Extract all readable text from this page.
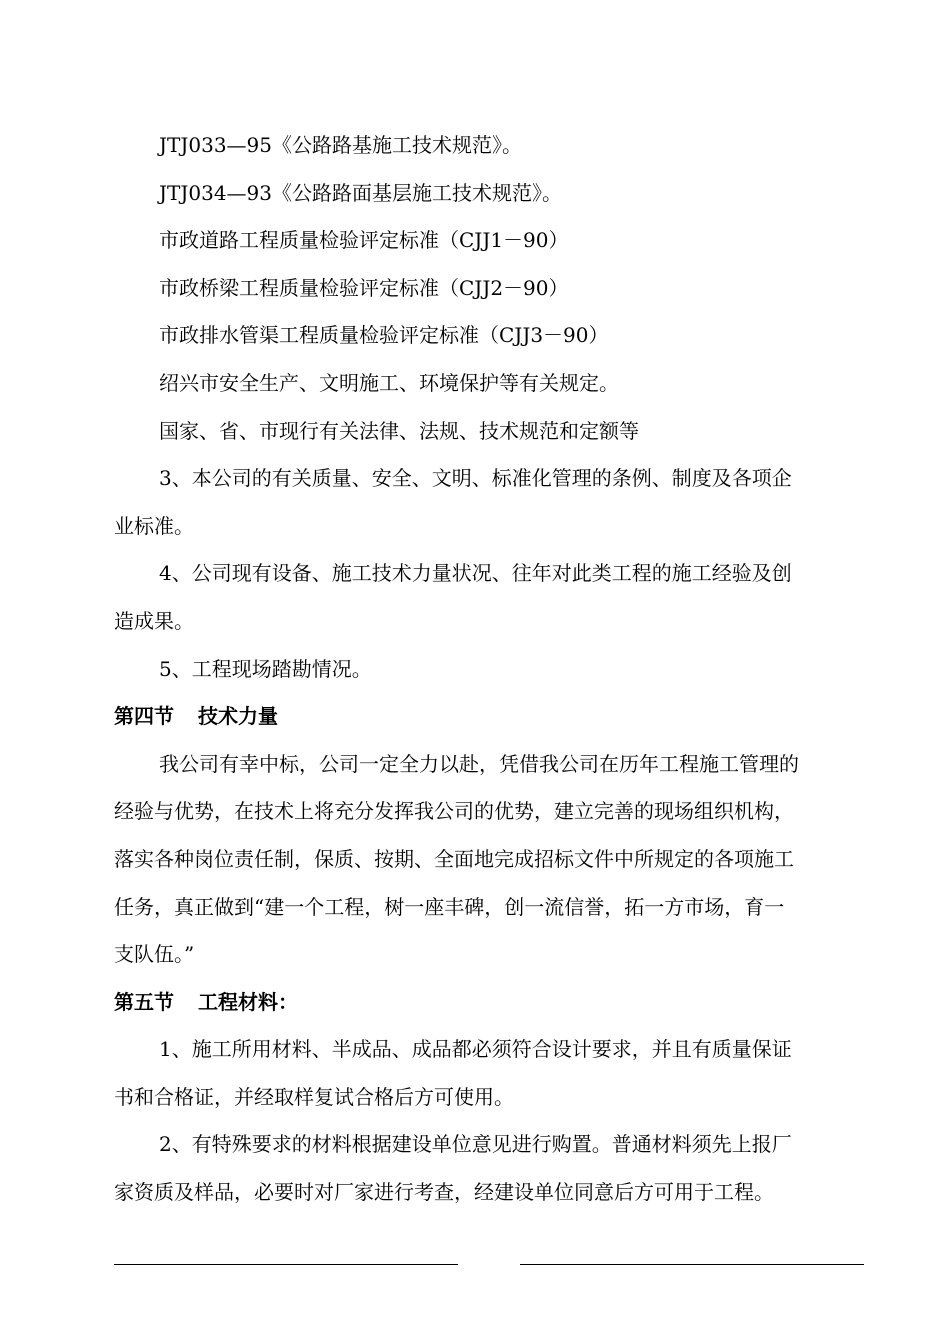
JTJ033—95《公路路基施工技术规范》。
JTJ034—93《公路路面基层施工技术规范》。
市政道路工程质量检验评定标准（CJJ1－90）
市政桥梁工程质量检验评定标准（CJJ2－90）
市政排水管渠工程质量检验评定标准（CJJ3－90）
绍兴市安全生产、文明施工、环境保护等有关规定。
国家、省、市现行有关法律、法规、技术规范和定额等
3、本公司的有关质量、安全、文明、标准化管理的条例、制度及各项企
业标准。
4、公司现有设备、施工技术力量状况、往年对此类工程的施工经验及创
造成果。
5、工程现场踏勘情况。
第四节 技术力量
我公司有幸中标，公司一定全力以赴，凭借我公司在历年工程施工管理的
经验与优势，在技术上将充分发挥我公司的优势，建立完善的现场组织机构，
落实各种岗位责任制，保质、按期、全面地完成招标文件中所规定的各项施工
任务，真正做到“建一个工程，树一座丰碑，创一流信誉，拓一方市场，育一
支队伍。”
第五节 工程材料：
1、施工所用材料、半成品、成品都必须符合设计要求，并且有质量保证
书和合格证，并经取样复试合格后方可使用。
2、有特殊要求的材料根据建设单位意见进行购置。普通材料须先上报厂
家资质及样品，必要时对厂家进行考查，经建设单位同意后方可用于工程。
